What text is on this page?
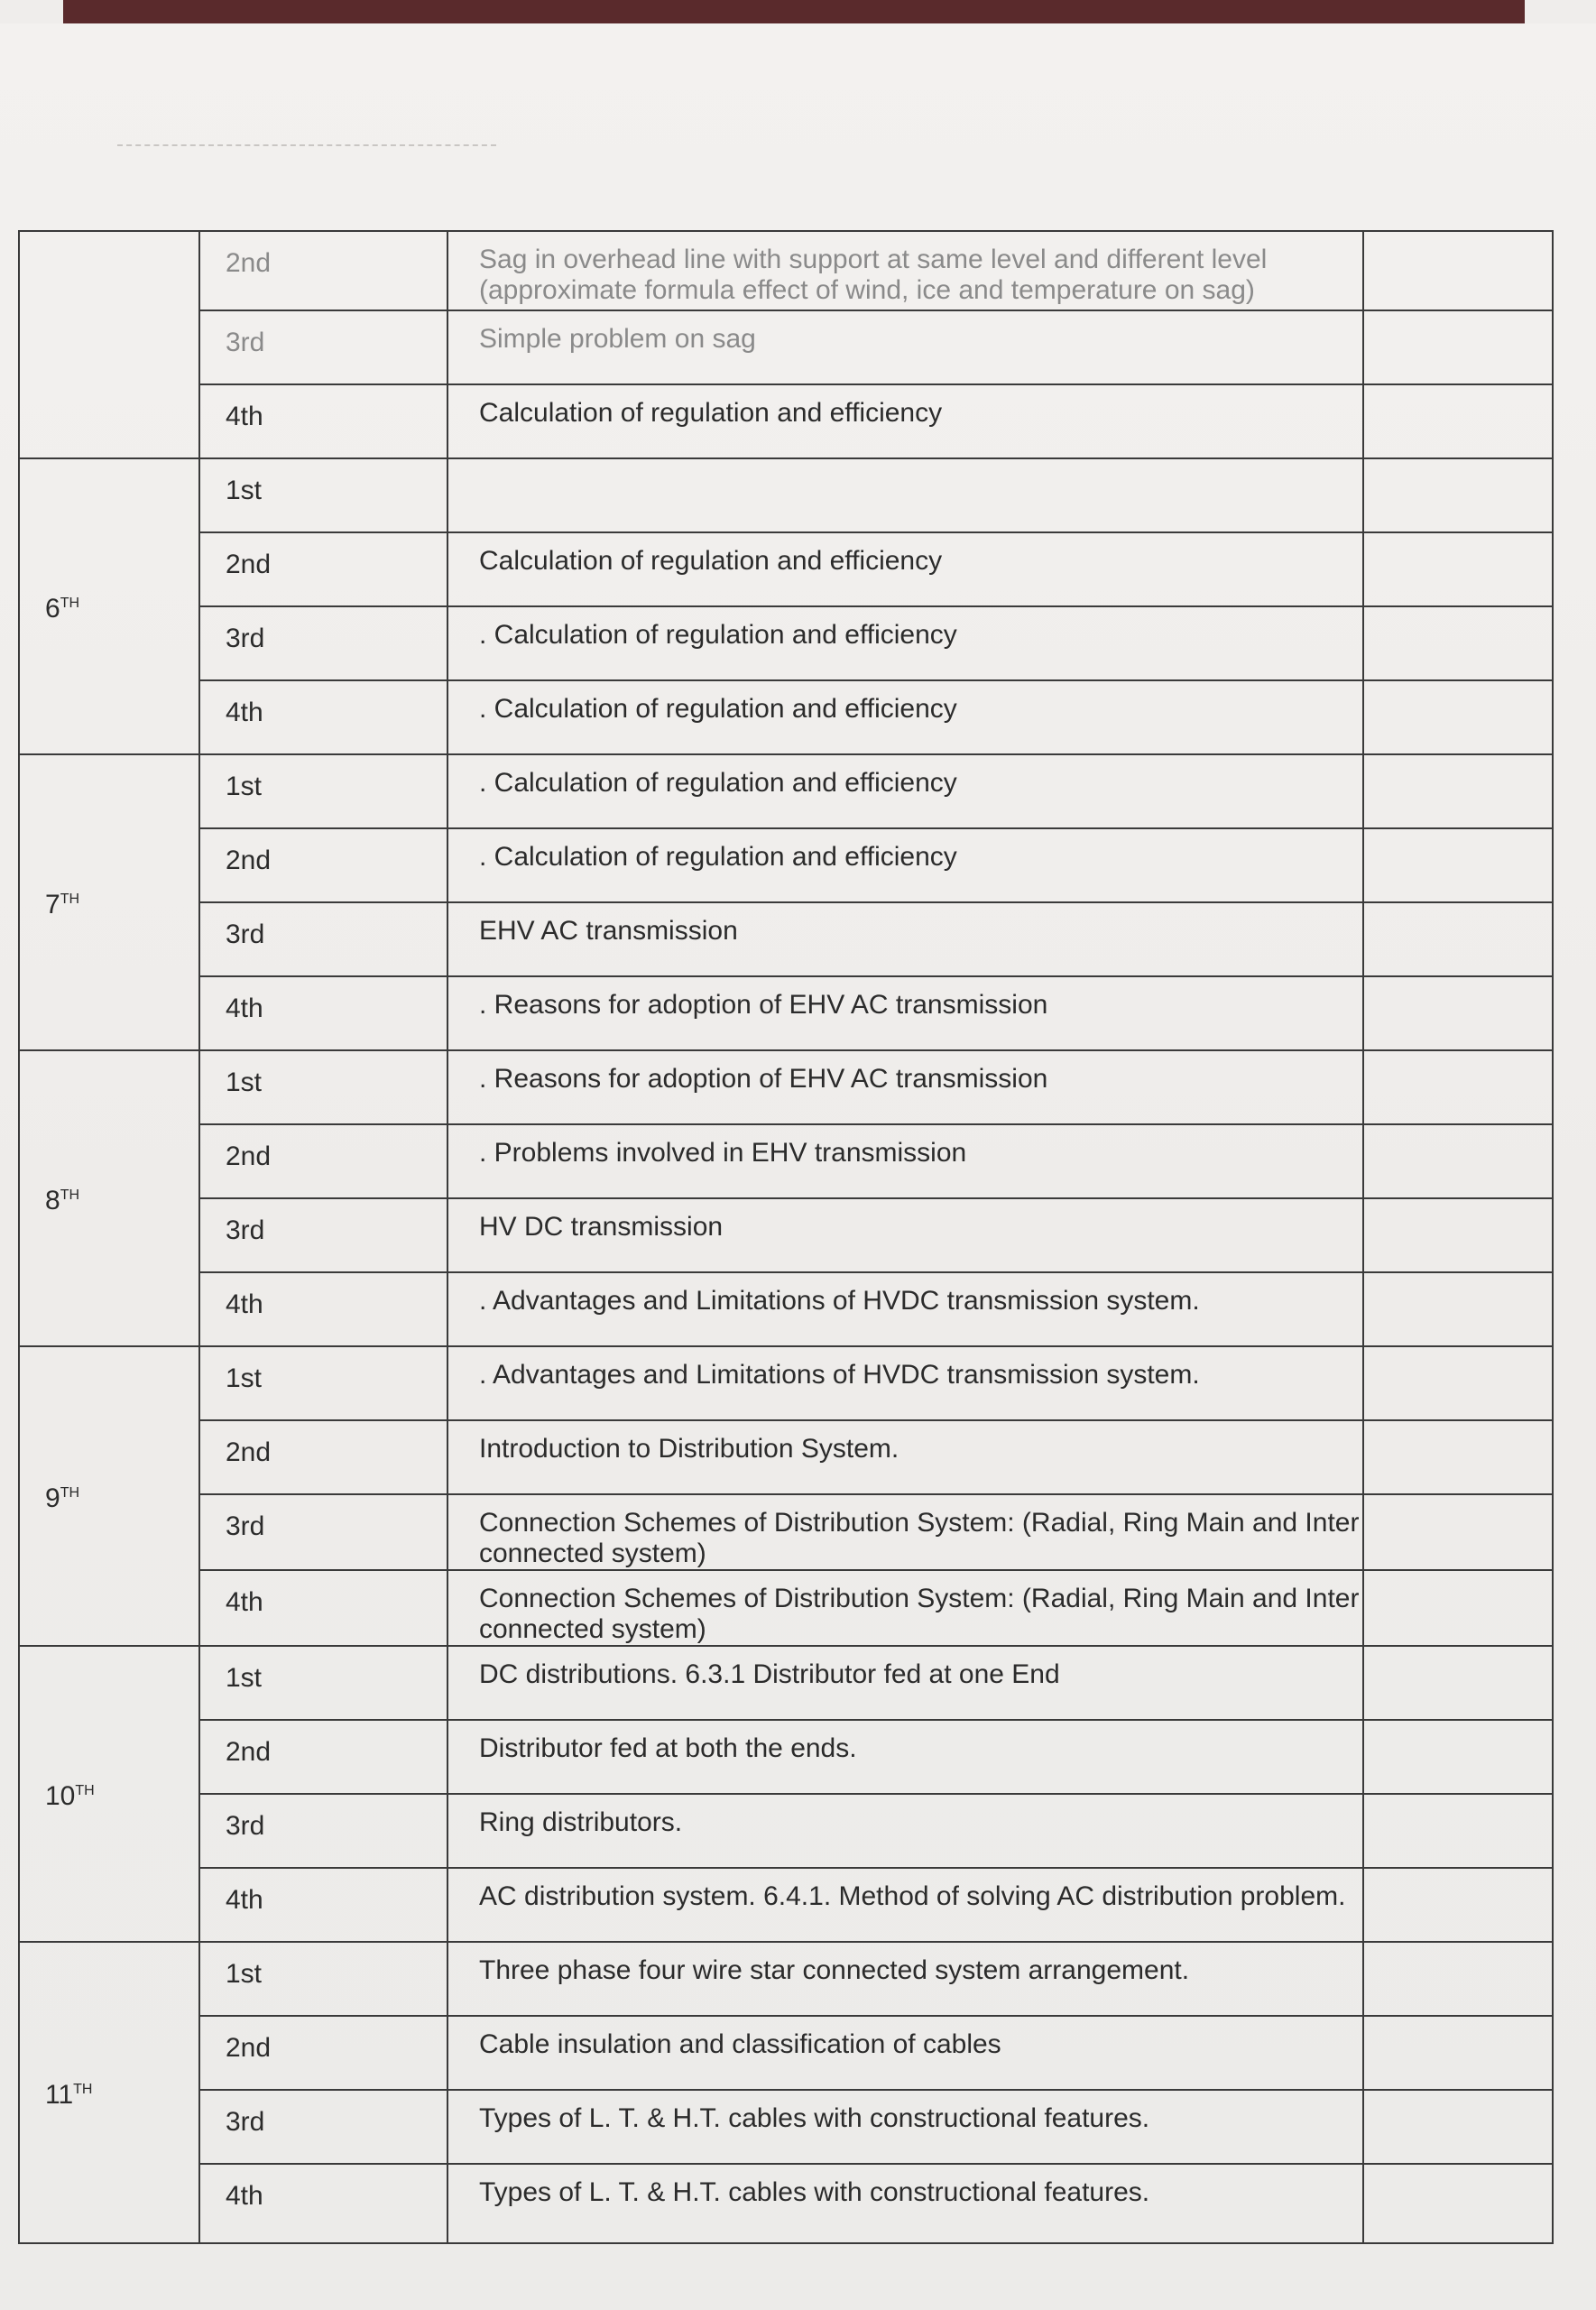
	2nd	Sag in overhead line with support at same level and different level (approximate formula effect of wind, ice and temperature on sag)	
	3rd	Simple problem on sag	
	4th	Calculation of regulation and efficiency	
6TH	1st		
	2nd	Calculation of regulation and efficiency	
	3rd	. Calculation of regulation and efficiency	
	4th	. Calculation of regulation and efficiency	
7TH	1st	. Calculation of regulation and efficiency	
	2nd	. Calculation of regulation and efficiency	
	3rd	EHV AC transmission	
	4th	. Reasons for adoption of EHV AC transmission	
8TH	1st	. Reasons for adoption of EHV AC transmission	
	2nd	. Problems involved in EHV transmission	
	3rd	HV DC transmission	
	4th	. Advantages and Limitations of HVDC transmission system.	
9TH	1st	. Advantages and Limitations of HVDC transmission system.	
	2nd	Introduction to Distribution System.	
	3rd	Connection Schemes of Distribution System: (Radial, Ring Main and Inter connected system)	
	4th	Connection Schemes of Distribution System: (Radial, Ring Main and Inter connected system)	
10TH	1st	DC distributions. 6.3.1 Distributor fed at one End	
	2nd	Distributor fed at both the ends.	
	3rd	Ring distributors.	
	4th	AC distribution system. 6.4.1. Method of solving AC distribution problem.	
11TH	1st	Three phase four wire star connected system arrangement.	
	2nd	Cable insulation and classification of cables	
	3rd	Types of L. T. & H.T. cables with constructional features.	
	4th	Types of L. T. & H.T. cables with constructional features.	
